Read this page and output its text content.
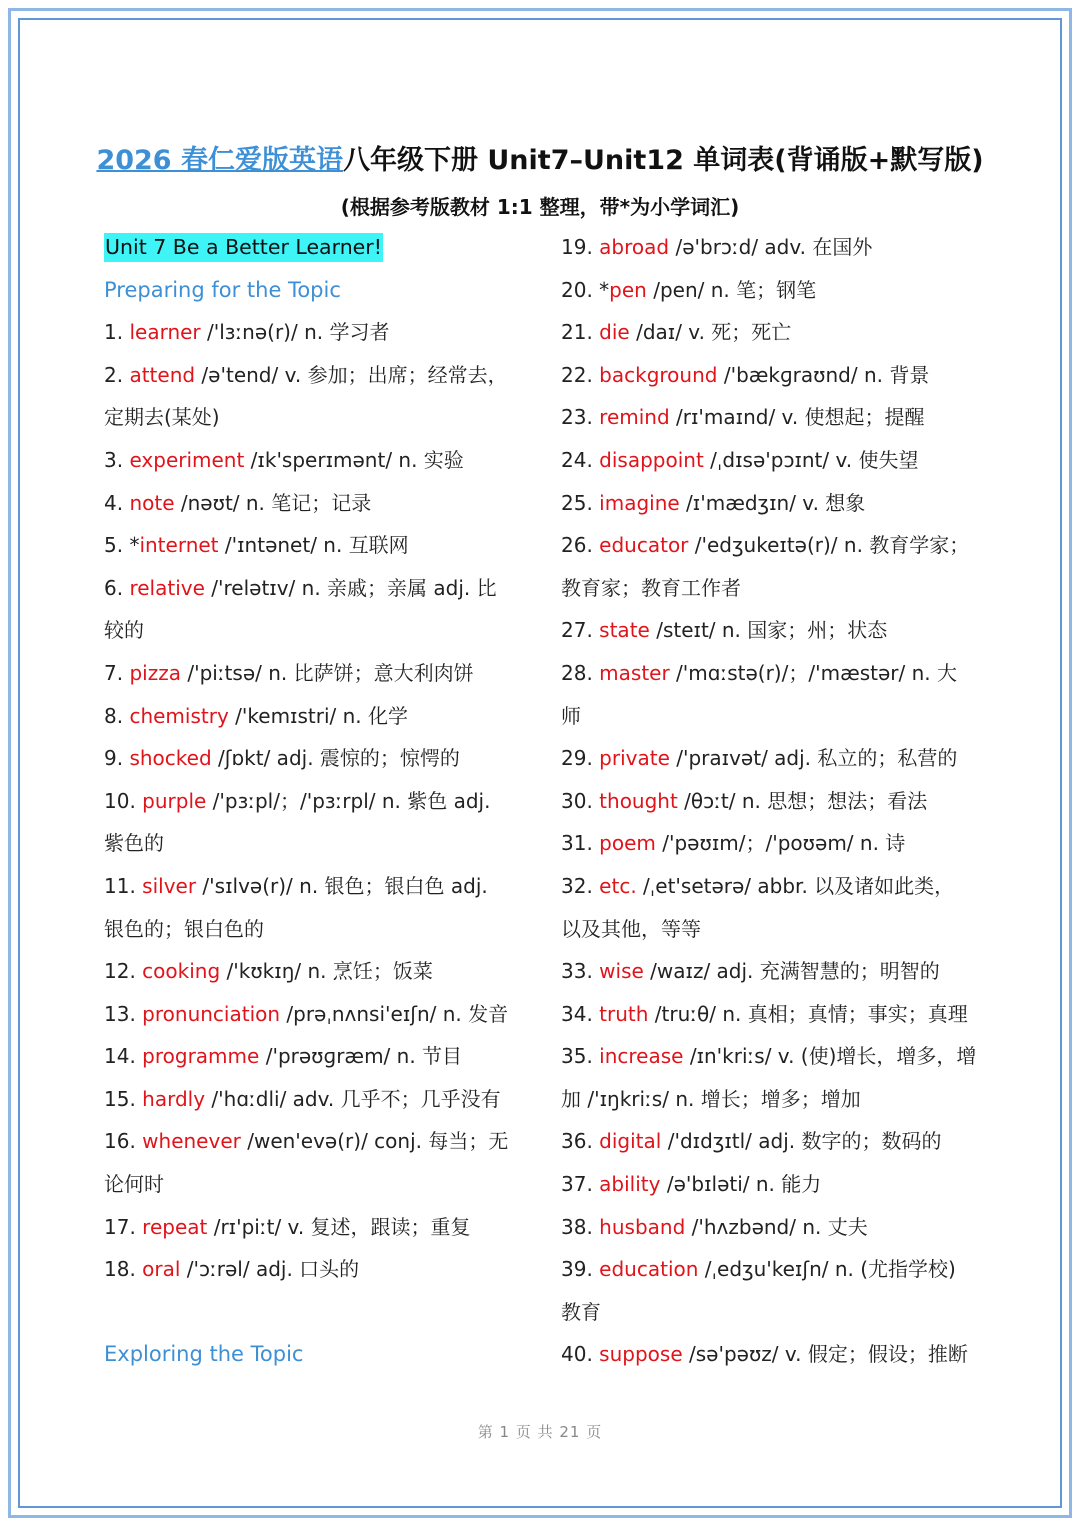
2026 春仁爱版英语八年级下册 Unit7–Unit12 单词表(背诵版+默写版)
(根据参考版教材 1:1 整理，带*为小学词汇)
Unit 7 Be a Better Learner!
Preparing for the Topic
1. learner /'lɜːnə(r)/ n. 学习者
2. attend /ə'tend/ v. 参加；出席；经常去，
定期去(某处)
3. experiment /ɪk'sperɪmənt/ n. 实验
4. note /nəʊt/ n. 笔记；记录
5. *internet /'ɪntənet/ n. 互联网
6. relative /'relətɪv/ n. 亲戚；亲属 adj. 比
较的
7. pizza /'piːtsə/ n. 比萨饼；意大利肉饼
8. chemistry /'kemɪstri/ n. 化学
9. shocked /ʃɒkt/ adj. 震惊的；惊愕的
10. purple /'pɜːpl/；/'pɜːrpl/ n. 紫色 adj.
紫色的
11. silver /'sɪlvə(r)/ n. 银色；银白色 adj.
银色的；银白色的
12. cooking /'kʊkɪŋ/ n. 烹饪；饭菜
13. pronunciation /prəˌnʌnsi'eɪʃn/ n. 发音
14. programme /'prəʊɡræm/ n. 节目
15. hardly /'hɑːdli/ adv. 几乎不；几乎没有
16. whenever /wen'evə(r)/ conj. 每当；无
论何时
17. repeat /rɪ'piːt/ v. 复述，跟读；重复
18. oral /'ɔːrəl/ adj. 口头的
Exploring the Topic
19. abroad /ə'brɔːd/ adv. 在国外
20. *pen /pen/ n. 笔；钢笔
21. die /daɪ/ v. 死；死亡
22. background /'bækɡraʊnd/ n. 背景
23. remind /rɪ'maɪnd/ v. 使想起；提醒
24. disappoint /ˌdɪsə'pɔɪnt/ v. 使失望
25. imagine /ɪ'mædʒɪn/ v. 想象
26. educator /'edʒukeɪtə(r)/ n. 教育学家；
教育家；教育工作者
27. state /steɪt/ n. 国家；州；状态
28. master /'mɑːstə(r)/；/'mæstər/ n. 大
师
29. private /'praɪvət/ adj. 私立的；私营的
30. thought /θɔːt/ n. 思想；想法；看法
31. poem /'pəʊɪm/；/'poʊəm/ n. 诗
32. etc. /ˌet'setərə/ abbr. 以及诸如此类，
以及其他，等等
33. wise /waɪz/ adj. 充满智慧的；明智的
34. truth /truːθ/ n. 真相；真情；事实；真理
35. increase /ɪn'kriːs/ v. (使)增长，增多，增
加 /'ɪŋkriːs/ n. 增长；增多；增加
36. digital /'dɪdʒɪtl/ adj. 数字的；数码的
37. ability /ə'bɪləti/ n. 能力
38. husband /'hʌzbənd/ n. 丈夫
39. education /ˌedʒu'keɪʃn/ n. (尤指学校)
教育
40. suppose /sə'pəʊz/ v. 假定；假设；推断
第 1 页 共 21 页
